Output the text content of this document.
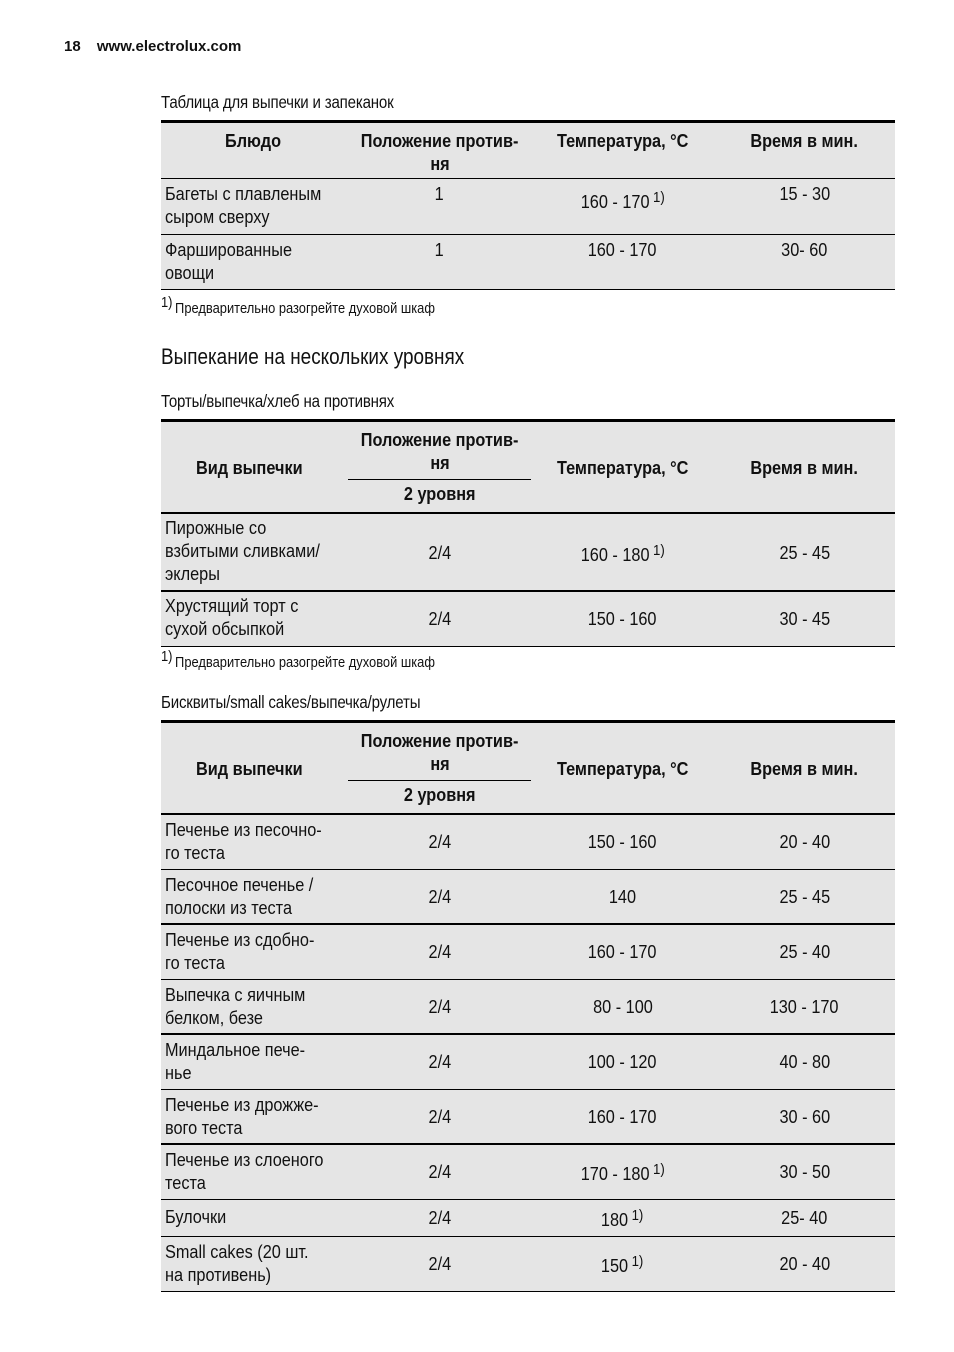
18 www.electrolux.com
Таблица для выпечки и запеканок
Блюдо	Положение против-
ня	Температура, °C	Время в мин.
Багеты с плавленым
сыром сверху	1	160 - 170 $^{1)}$	15 - 30
Фаршированные
овощи	1	160 - 170	30- 60
$^{1)}$ Предварительно разогрейте духовой шкаф
Выпекание на нескольких уровнях
Торты/выпечка/хлеб на противнях
Вид выпечки	Положение против-
ня	Температура, °C	Время в мин.
	2 уровня		
Пирожные со
взбитыми сливками/
эклеры	2/4	160 - 180 $^{1)}$	25 - 45
Хрустящий торт с
сухой обсыпкой	2/4	150 - 160	30 - 45
$^{1)}$ Предварительно разогрейте духовой шкаф
Бисквиты/small cakes/выпечка/рулеты
Вид выпечки	Положение против-
ня	Температура, °C	Время в мин.
	2 уровня		
Печенье из песочно-
го теста	2/4	150 - 160	20 - 40
Песочное печенье /
полоски из теста	2/4	140	25 - 45
Печенье из сдобно-
го теста	2/4	160 - 170	25 - 40
Выпечка с яичным
белком, безе	2/4	80 - 100	130 - 170
Миндальное пече-
нье	2/4	100 - 120	40 - 80
Печенье из дрожже-
вого теста	2/4	160 - 170	30 - 60
Печенье из слоеного
теста	2/4	170 - 180 $^{1)}$	30 - 50
Булочки	2/4	180 $^{1)}$	25- 40
Small cakes (20 шт.
на противень)	2/4	150 $^{1)}$	20 - 40
